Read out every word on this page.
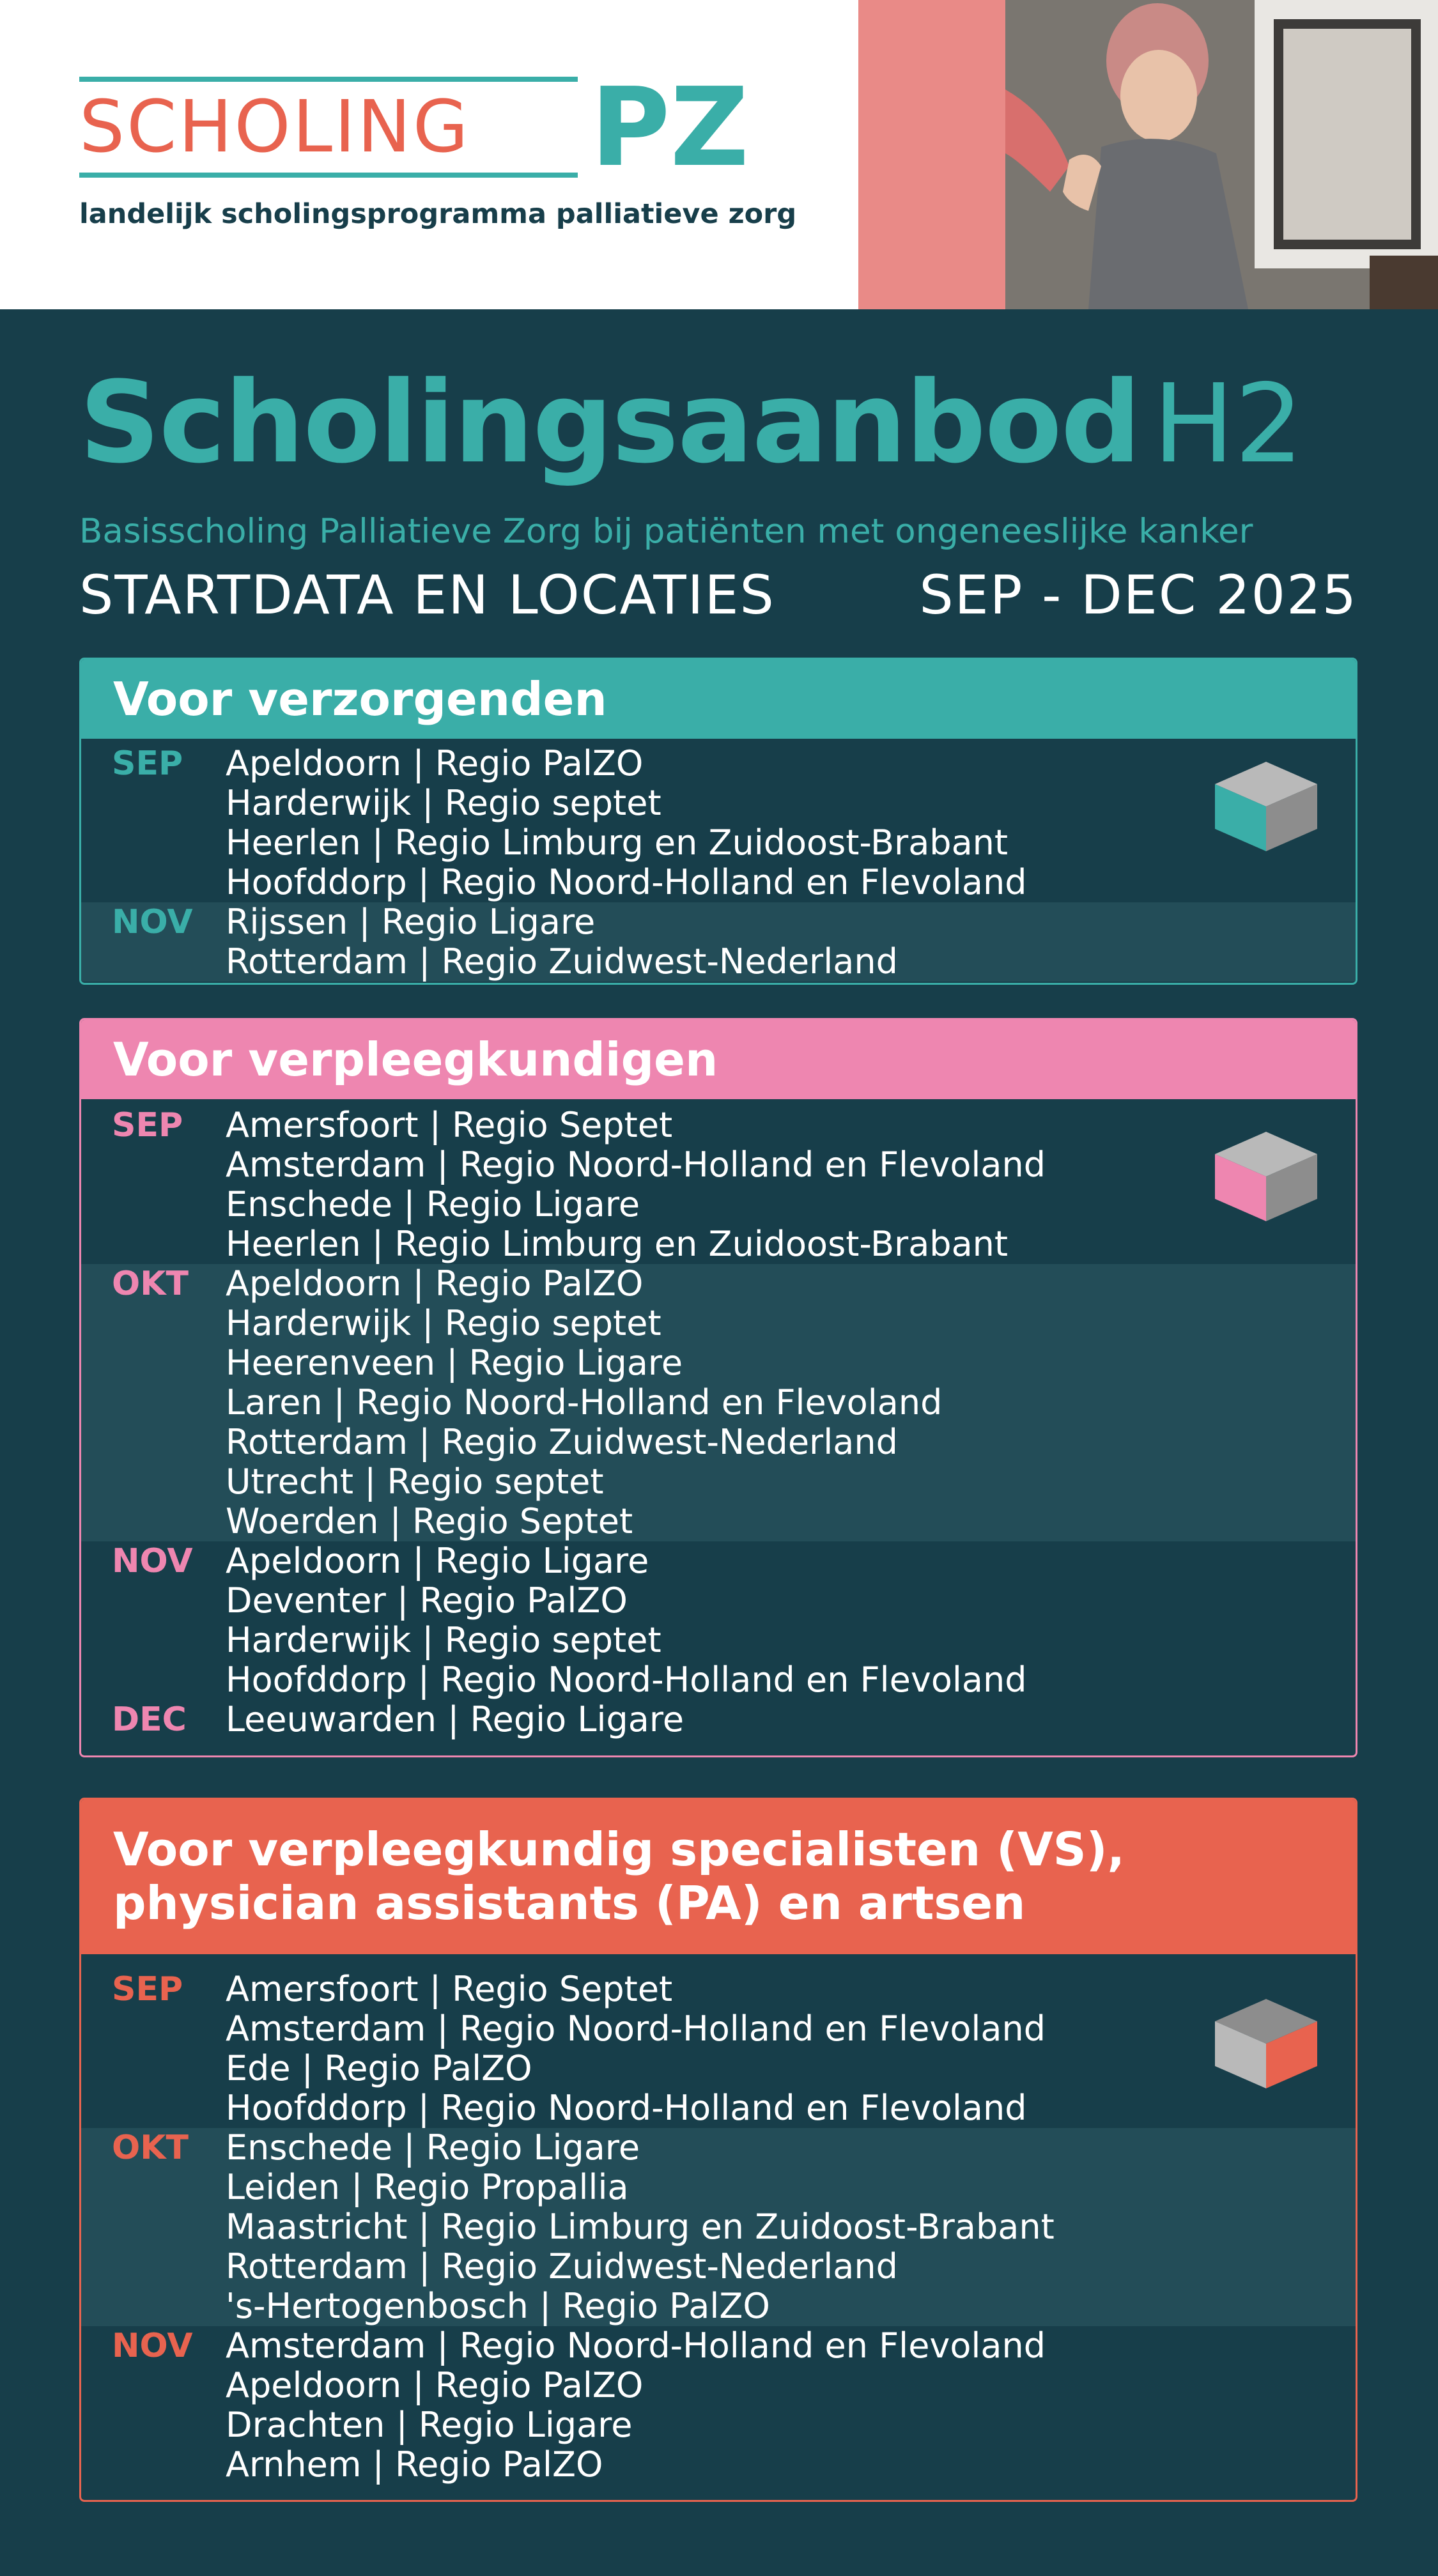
SCHOLING	PZ
landelijk scholingsprogramma palliatieve zorg
Scholingsaanbod H2
Basisscholing Palliatieve Zorg bij patiënten met ongeneeslijke kanker
STARTDATA EN LOCATIES	SEP - DEC 2025
Voor verzorgenden
SEP Apeldoorn | Regio PalZO
Harderwijk | Regio septet
Heerlen | Regio Limburg en Zuidoost-Brabant
Hoofddorp | Regio Noord-Holland en Flevoland
NOV Rijssen | Regio Ligare
Rotterdam | Regio Zuidwest-Nederland
Voor verpleegkundigen
SEP Amersfoort | Regio Septet
Amsterdam | Regio Noord-Holland en Flevoland
Enschede | Regio Ligare
Heerlen | Regio Limburg en Zuidoost-Brabant
OKT Apeldoorn | Regio PalZO
Harderwijk | Regio septet
Heerenveen | Regio Ligare
Laren | Regio Noord-Holland en Flevoland
Rotterdam | Regio Zuidwest-Nederland
Utrecht | Regio septet
Woerden | Regio Septet
NOV Apeldoorn | Regio Ligare
Deventer | Regio PalZO
Harderwijk | Regio septet
Hoofddorp | Regio Noord-Holland en Flevoland
DEC Leeuwarden | Regio Ligare
Voor verpleegkundig specialisten (VS),
physician assistants (PA) en artsen
SEP Amersfoort | Regio Septet
Amsterdam | Regio Noord-Holland en Flevoland
Ede | Regio PalZO
Hoofddorp | Regio Noord-Holland en Flevoland
OKT Enschede | Regio Ligare
Leiden | Regio Propallia
Maastricht | Regio Limburg en Zuidoost-Brabant
Rotterdam | Regio Zuidwest-Nederland
's-Hertogenbosch | Regio PalZO
NOV Amsterdam | Regio Noord-Holland en Flevoland
Apeldoorn | Regio PalZO
Drachten | Regio Ligare
Arnhem | Regio PalZO
